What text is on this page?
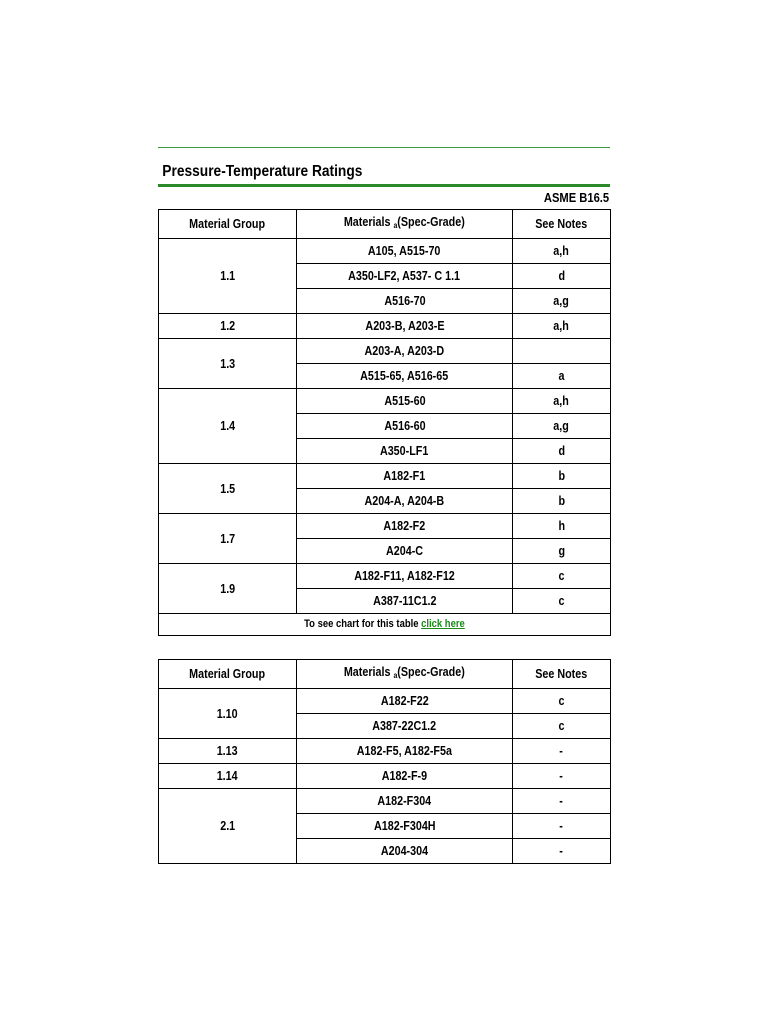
Pressure-Temperature Ratings
ASME B16.5
Material Group	Materials $_a$(Spec-Grade)	See Notes
1.1	A105, A515-70	a,h
	A350-LF2, A537- C 1.1	d
	A516-70	a,g
1.2	A203-B, A203-E	a,h
1.3	A203-A, A203-D	
	A515-65, A516-65	a
1.4	A515-60	a,h
	A516-60	a,g
	A350-LF1	d
1.5	A182-F1	b
	A204-A, A204-B	b
1.7	A182-F2	h
	A204-C	g
1.9	A182-F11, A182-F12	c
	A387-11C1.2	c
To see chart for this table click here		
Material Group	Materials $_a$(Spec-Grade)	See Notes
1.10	A182-F22	c
	A387-22C1.2	c
1.13	A182-F5, A182-F5a	-
1.14	A182-F-9	-
2.1	A182-F304	-
	A182-F304H	-
	A204-304	-
